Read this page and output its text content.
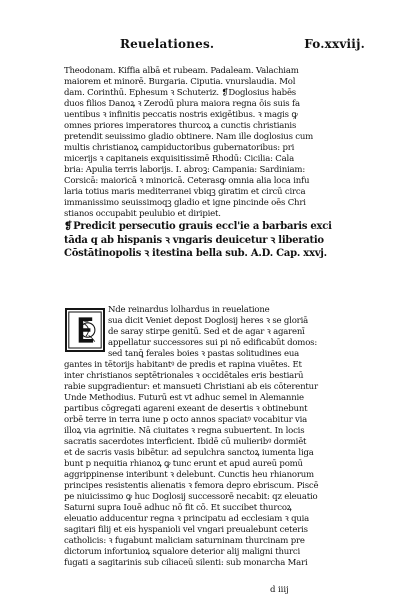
Reuelationes.	Fo.xxviij.
Theodonam. Kiffia albā et rubeam. Padaleam. Valachiam
maiorem et minorē. Burgaria. Ciputia. vnurslaudia. Mol
dam. Corinthū. Ephesum ꝛ Schuteriz. ❡Doglosius habēs
duos filios Danoꝝ ꝛ Zerodū plura maiora regna ōis suis fa
uentibus ꝛ infinitis peccatis nostris exigētibus. ꝛ magis ꝙ
omnes priores imperatores thurcoꝝ a cunctis christianis
pretendit seuissimo gladio obtinere. Nam ille doglosius cum
multis christianoꝝ campiductoribus gubernatoribus: pri
micerijs ꝛ capitaneis exquisitissimē Rhodū: Cicilia: Cala
bria: Apulia terris laborijs. I. abroꝫ: Campania: Sardiniam:
Corsicā: maioricā ꝛ minoricā. Ceterasꝙ omnia alia loca infu
laria totius maris mediterranei vbiqꝫ giratim et circū circa
immanissimo seuissimoqꝫ gladio et igne pincinde oēs Chri
stianos occupabit peulubio et diripiet.
❡Predicit persecutio grauis eccl'ie a barbaris exci
tāda q ab hispanis ꝛ vngaris deuicetur ꝛ liberatio
Cōstātinopolis ꝛ itestina bella sub. A.D. Cap. xxvj.
Nde reinardus lolhardus in reuelatione
sua dicit Veniet depost Doglosij heres ꝛ se gloriā
de saray stirpe genitū. Sed et de agar ꝛ agarenī
appellatur successores sui pi nō edificabūt domos:
sed tanꝗ̄ ferales boies ꝛ pastas solitudines eua
gantes in tētorijs habitantꝰ de predis et rapina viuētes. Et
inter christianos septētrionales ꝛ occidētales eris bestiarū
rabie supgradientur: et mansueti Christiani ab eis cōterentur
Unde Methodius. Futurū est vt adhuc semel in Alemannie
partibus cōgregati agareni exeant de desertis ꝛ obtinebunt
orbē terre in terra iune p octo annos spaciatꝰ vocabitur via
illoꝝ via agrinitie. Nā ciuitates ꝛ regna subuertent. In locis
sacratis sacerdotes interficient. Ibidē cū mulieribꝰ dormiēt
et de sacris vasis bibētur. ad sepulchra sanctoꝝ iumenta liga
bunt p nequitia rhianoꝝ ꝙ tunc erunt et apud aureū pomū
aggrippinense interibunt ꝛ delebunt. Cunctis heu rhianorum
principes resistentis alienatis ꝛ femora depro ebriscum. Piscē
pe niuicissimo ꝙ huc Doglosij successorē necabit: qz eleuatio
Saturni supra Iouē adhuc nō fit cō. Et succibet thurcoꝝ
eleuatio adducentur regna ꝛ principatu ad ecclesiam ꝛ quia
sagitari filij et eis hyspanioli vel vngari preualebunt ceteris
catholicis: ꝛ fugabunt maliciam saturninam thurcinam pre
dictorum infortunioꝝ squalore deterior alij maligni thurci
fugati a sagitarinis sub ciliaceū silenti: sub monarcha Mari
d iiij
